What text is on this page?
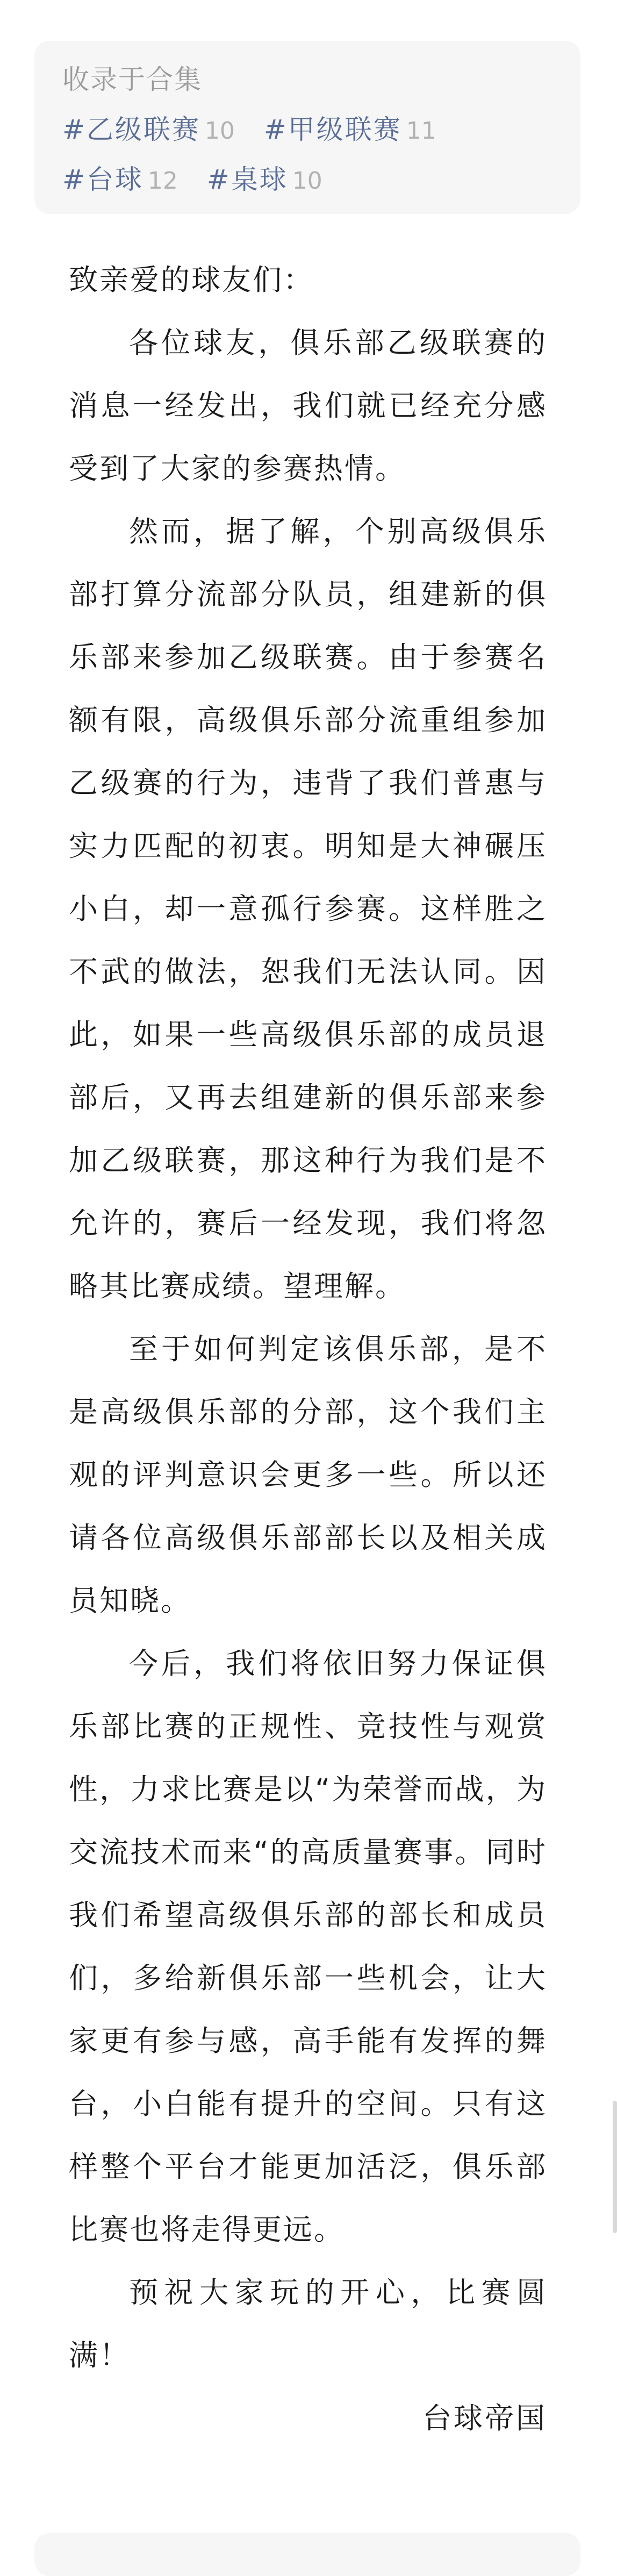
收录于合集
#乙级联赛 10 #甲级联赛 11 #台球 12 #桌球 10

致亲爱的球友们：

各位球友，俱乐部乙级联赛的消息一经发出，我们就已经充分感受到了大家的参赛热情。

然而，据了解，个别高级俱乐部打算分流部分队员，组建新的俱乐部来参加乙级联赛。由于参赛名额有限，高级俱乐部分流重组参加乙级赛的行为，违背了我们普惠与实力匹配的初衷。明知是大神碾压小白，却一意孤行参赛。这样胜之不武的做法，恕我们无法认同。因此，如果一些高级俱乐部的成员退部后，又再去组建新的俱乐部来参加乙级联赛，那这种行为我们是不允许的，赛后一经发现，我们将忽略其比赛成绩。望理解。

至于如何判定该俱乐部，是不是高级俱乐部的分部，这个我们主观的评判意识会更多一些。所以还请各位高级俱乐部部长以及相关成员知晓。

今后，我们将依旧努力保证俱乐部比赛的正规性、竞技性与观赏性，力求比赛是以“为荣誉而战，为交流技术而来“的高质量赛事。同时我们希望高级俱乐部的部长和成员们，多给新俱乐部一些机会，让大家更有参与感，高手能有发挥的舞台，小白能有提升的空间。只有这样整个平台才能更加活泛，俱乐部比赛也将走得更远。

预祝大家玩的开心，比赛圆满！

台球帝国
